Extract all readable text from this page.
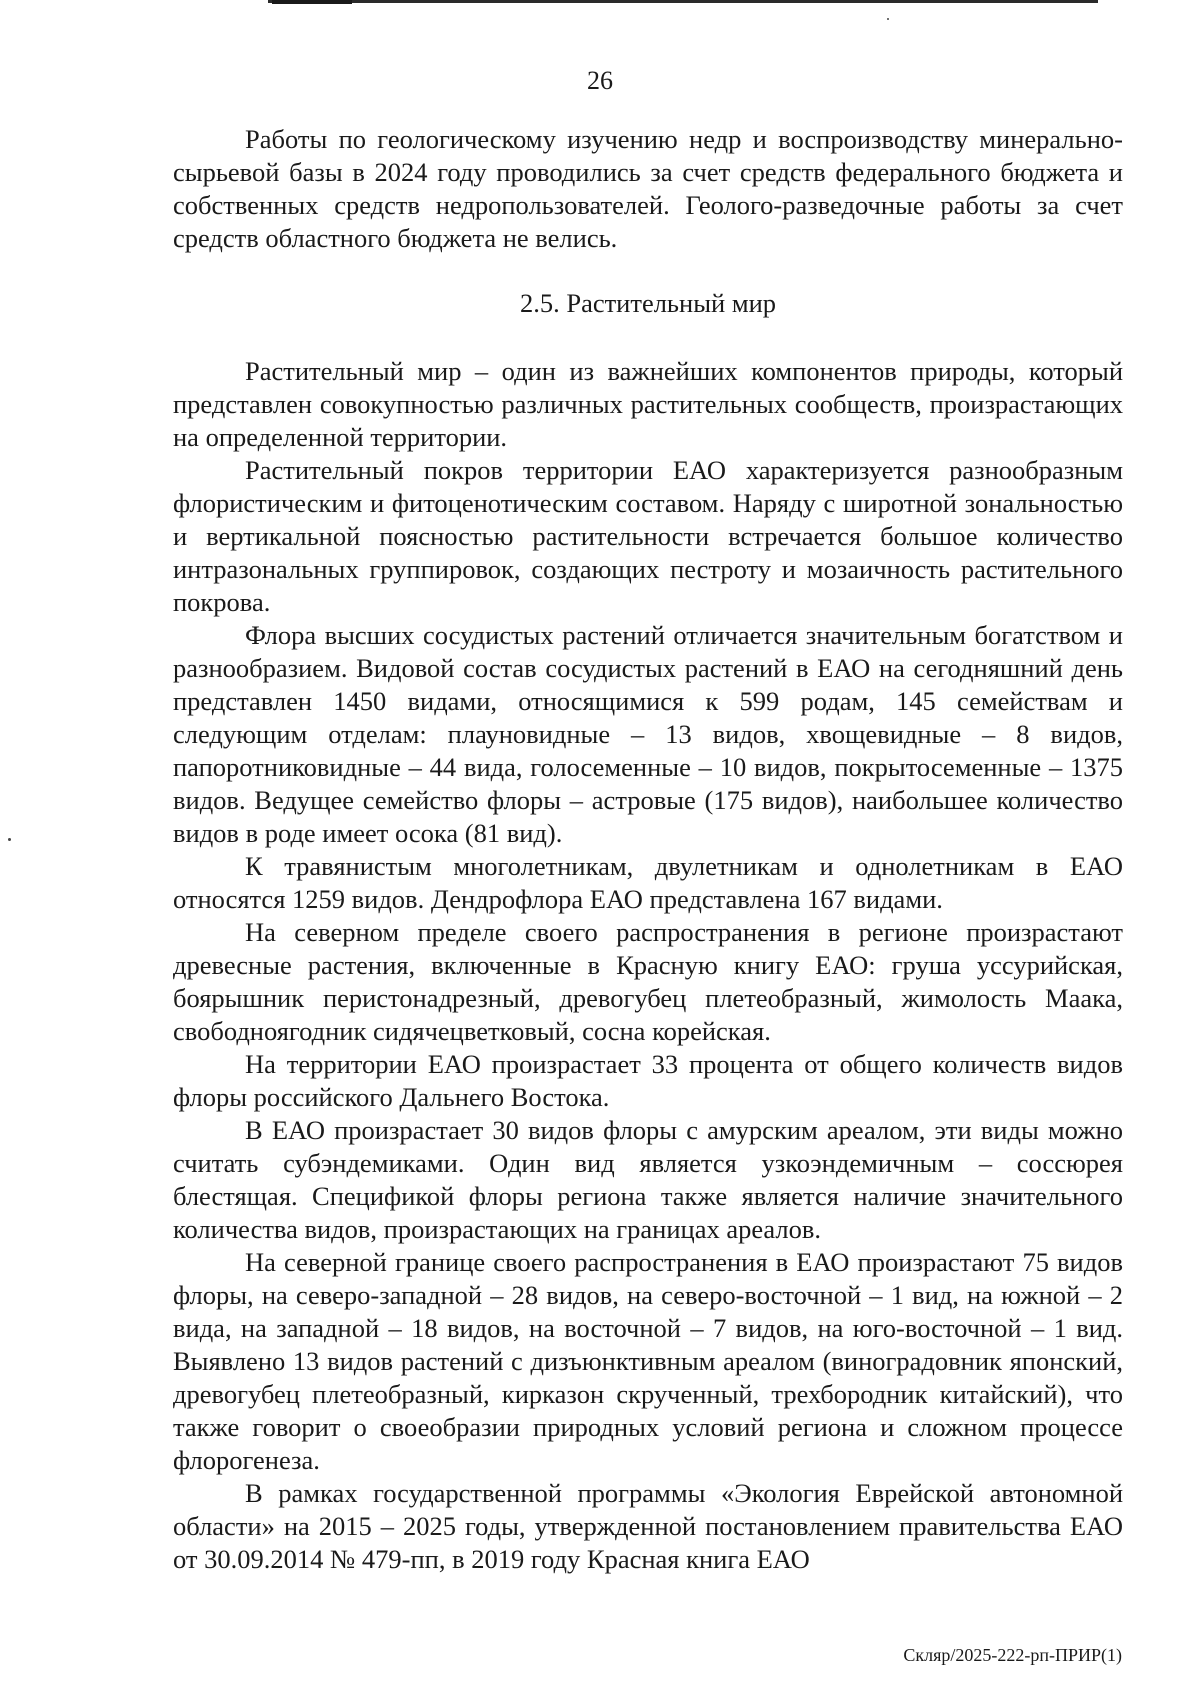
26

Работы по геологическому изучению недр и воспроизводству минерально-сырьевой базы в 2024 году проводились за счет средств федерального бюджета и собственных средств недропользователей. Геолого-разведочные работы за счет средств областного бюджета не велись.

2.5. Растительный мир

Растительный мир – один из важнейших компонентов природы, который представлен совокупностью различных растительных сообществ, произрастающих на определенной территории.

Растительный покров территории ЕАО характеризуется разнообразным флористическим и фитоценотическим составом. Наряду с широтной зональностью и вертикальной поясностью растительности встречается большое количество интразональных группировок, создающих пестроту и мозаичность растительного покрова.

Флора высших сосудистых растений отличается значительным богатством и разнообразием. Видовой состав сосудистых растений в ЕАО на сегодняшний день представлен 1450 видами, относящимися к 599 родам, 145 семействам и следующим отделам: плауновидные – 13 видов, хвощевидные – 8 видов, папоротниковидные – 44 вида, голосеменные – 10 видов, покрытосеменные – 1375 видов. Ведущее семейство флоры – астровые (175 видов), наибольшее количество видов в роде имеет осока (81 вид).

К травянистым многолетникам, двулетникам и однолетникам в ЕАО относятся 1259 видов. Дендрофлора ЕАО представлена 167 видами.

На северном пределе своего распространения в регионе произрастают древесные растения, включенные в Красную книгу ЕАО: груша уссурийская, боярышник перистонадрезный, древогубец плетеобразный, жимолость Маака, свободноягодник сидячецветковый, сосна корейская.

На территории ЕАО произрастает 33 процента от общего количеств видов флоры российского Дальнего Востока.

В ЕАО произрастает 30 видов флоры с амурским ареалом, эти виды можно считать субэндемиками. Один вид является узкоэндемичным – соссюрея блестящая. Спецификой флоры региона также является наличие значительного количества видов, произрастающих на границах ареалов.

На северной границе своего распространения в ЕАО произрастают 75 видов флоры, на северо-западной – 28 видов, на северо-восточной – 1 вид, на южной – 2 вида, на западной – 18 видов, на восточной – 7 видов, на юго-восточной – 1 вид. Выявлено 13 видов растений с дизъюнктивным ареалом (виноградовник японский, древогубец плетеобразный, кирказон скрученный, трехбородник китайский), что также говорит о своеобразии природных условий региона и сложном процессе флорогенеза.

В рамках государственной программы «Экология Еврейской автономной области» на 2015 – 2025 годы, утвержденной постановлением правительства ЕАО от 30.09.2014 № 479-пп, в 2019 году Красная книга ЕАО

Скляр/2025-222-рп-ПРИР(1)
